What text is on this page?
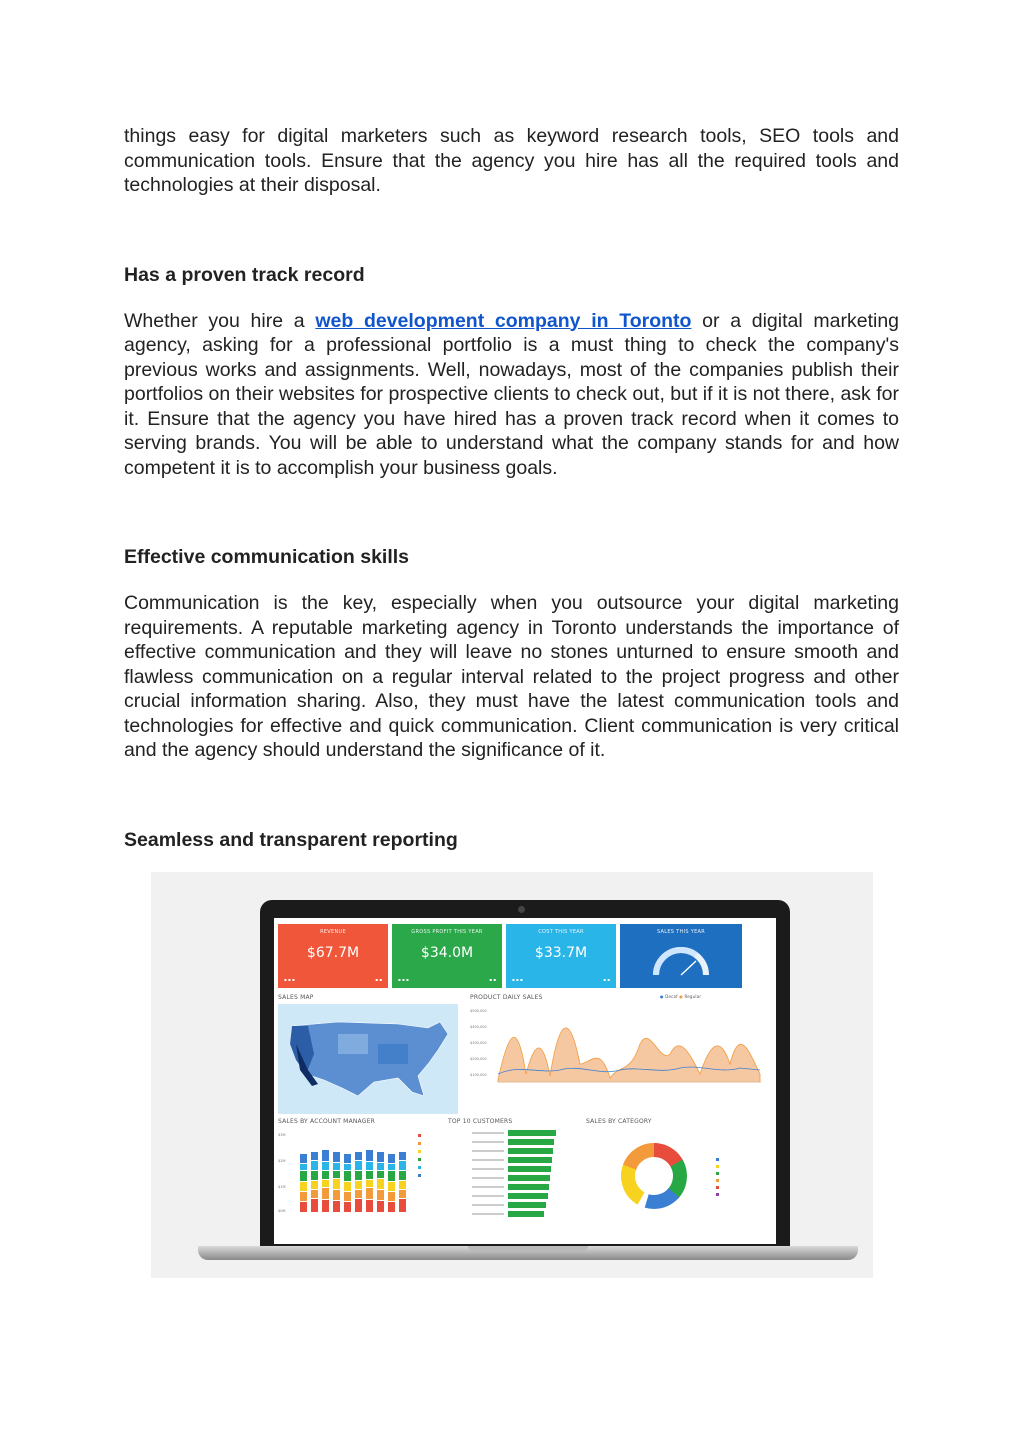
things easy for digital marketers such as keyword research tools, SEO tools and communication tools. Ensure that the agency you hire has all the required tools and technologies at their disposal.

Has a proven track record

Whether you hire a web development company in Toronto or a digital marketing agency, asking for a professional portfolio is a must thing to check the company's previous works and assignments. Well, nowadays, most of the companies publish their portfolios on their websites for prospective clients to check out, but if it is not there, ask for it. Ensure that the agency you have hired has a proven track record when it comes to serving brands. You will be able to understand what the company stands for and how competent it is to accomplish your business goals.

Effective communication skills

Communication is the key, especially when you outsource your digital marketing requirements. A reputable marketing agency in Toronto understands the importance of effective communication and they will leave no stones unturned to ensure smooth and flawless communication on a regular interval related to the project progress and other crucial information sharing. Also, they must have the latest communication tools and technologies for effective and quick communication. Client communication is very critical and the agency should understand the significance of it.

Seamless and transparent reporting

REVENUE
$67.7M
▪ ▪ ▪	▪ ▪
GROSS PROFIT THIS YEAR
$34.0M
▪ ▪ ▪	▪ ▪
COST THIS YEAR
$33.7M
▪ ▪ ▪	▪ ▪
SALES THIS YEAR
SALES MAP	PRODUCT DAILY SALES	● Decaf ● Regular
$500,000
$400,000
$300,000
$200,000
$100,000
SALES BY ACCOUNT MANAGER
$3M
$2M
$1M
$0M
TOP 10 CUSTOMERS	SALES BY CATEGORY
